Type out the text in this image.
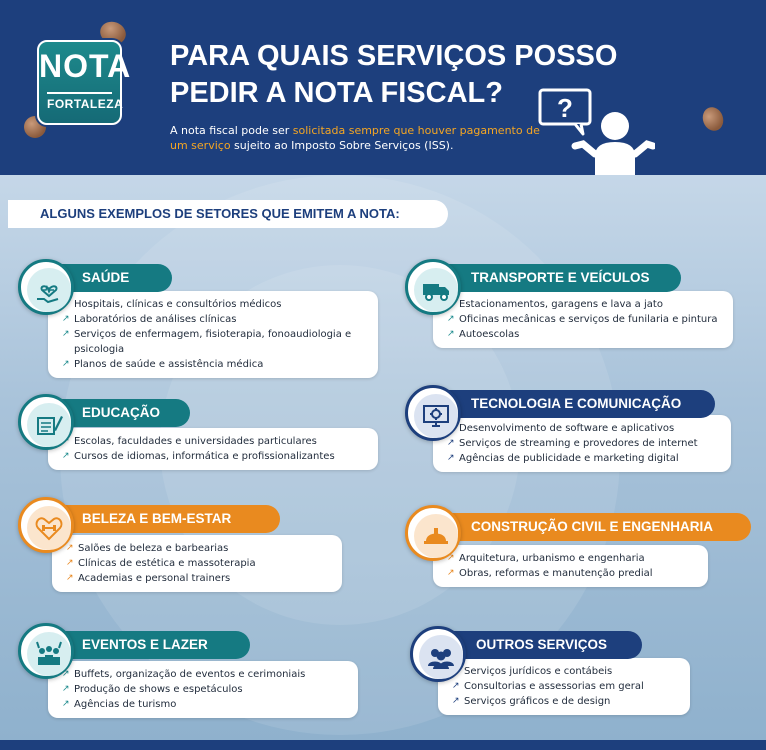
NOTA
FORTALEZA
PARA QUAIS SERVIÇOS POSSO
PEDIR A NOTA FISCAL?
A nota fiscal pode ser solicitada sempre que houver pagamento de um serviço sujeito ao Imposto Sobre Serviços (ISS).
?
ALGUNS EXEMPLOS DE SETORES QUE EMITEM A NOTA:
↗ Hospitais, clínicas e consultórios médicos
↗ Laboratórios de análises clínicas
↗ Serviços de enfermagem, fisioterapia, fonoaudiologia e psicologia
↗ Planos de saúde e assistência médica
SAÚDE
↗ Estacionamentos, garagens e lava a jato
↗ Oficinas mecânicas e serviços de funilaria e pintura
↗ Autoescolas
TRANSPORTE E VEÍCULOS
↗ Escolas, faculdades e universidades particulares
↗ Cursos de idiomas, informática e profissionalizantes
EDUCAÇÃO
↗ Desenvolvimento de software e aplicativos
↗ Serviços de streaming e provedores de internet
↗ Agências de publicidade e marketing digital
TECNOLOGIA E COMUNICAÇÃO
↗ Salões de beleza e barbearias
↗ Clínicas de estética e massoterapia
↗ Academias e personal trainers
BELEZA E BEM-ESTAR
↗ Arquitetura, urbanismo e engenharia
↗ Obras, reformas e manutenção predial
CONSTRUÇÃO CIVIL E ENGENHARIA
↗ Buffets, organização de eventos e cerimoniais
↗ Produção de shows e espetáculos
↗ Agências de turismo
EVENTOS E LAZER
↗ Serviços jurídicos e contábeis
↗ Consultorias e assessorias em geral
↗ Serviços gráficos e de design
OUTROS SERVIÇOS
